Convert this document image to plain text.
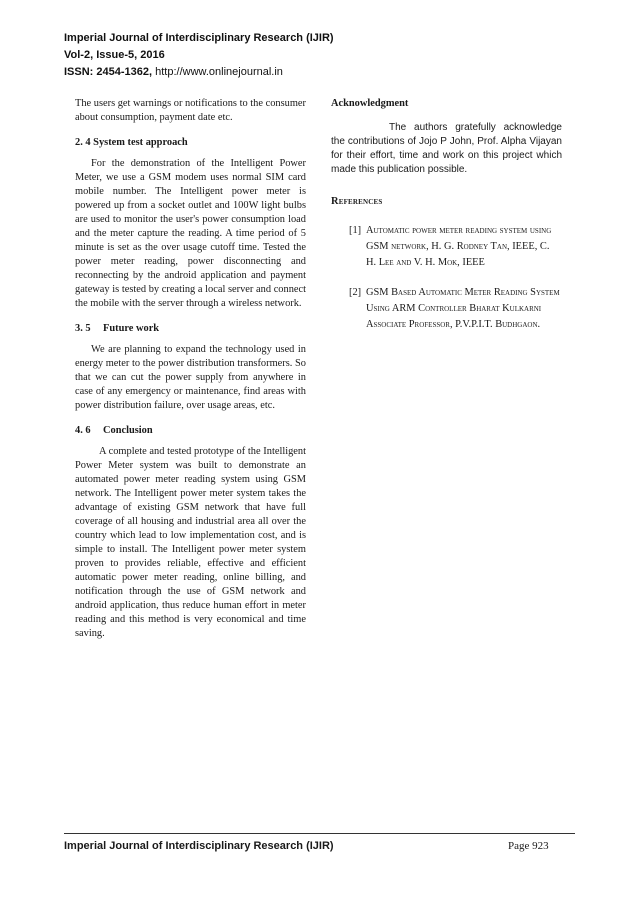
Imperial Journal of Interdisciplinary Research (IJIR)
Vol-2, Issue-5, 2016
ISSN: 2454-1362, http://www.onlinejournal.in

The users get warnings or notifications to the consumer about consumption, payment date etc.

2. 4 System test approach

For the demonstration of the Intelligent Power Meter, we use a GSM modem uses normal SIM card mobile number. The Intelligent power meter is powered up from a socket outlet and 100W light bulbs are used to monitor the user's power consumption load and the meter capture the reading. A time period of 5 minute is set as the over usage cutoff time. Tested the power meter reading, power disconnecting and reconnecting by the android application and payment gateway is tested by creating a local server and connect the mobile with the server through a wireless network.

3. 5 Future work

We are planning to expand the technology used in energy meter to the power distribution transformers. So that we can cut the power supply from anywhere in case of any emergency or maintenance, find areas with power distribution failure, over usage areas, etc.

4. 6 Conclusion

A complete and tested prototype of the Intelligent Power Meter system was built to demonstrate an automated power meter reading system using GSM network. The Intelligent power meter system takes the advantage of existing GSM network that have full coverage of all housing and industrial area all over the country which lead to low implementation cost, and is simple to install. The Intelligent power meter system proven to provides reliable, effective and efficient automatic power meter reading, online billing, and notification through the use of GSM network and android application, thus reduce human effort in meter reading and this method is very economical and time saving.

Acknowledgment

The authors gratefully acknowledge the contributions of Jojo P John, Prof. Alpha Vijayan for their effort, time and work on this project which made this publication possible.

References
[1] Automatic power meter reading system using GSM network, H. G. Rodney Tan, IEEE, C. H. Lee and V. H. Mok, IEEE
[2] GSM Based Automatic Meter Reading System Using ARM Controller Bharat Kulkarni Associate Professor, P.V.P.I.T. Budhgaon.
Imperial Journal of Interdisciplinary Research (IJIR)	Page 923
